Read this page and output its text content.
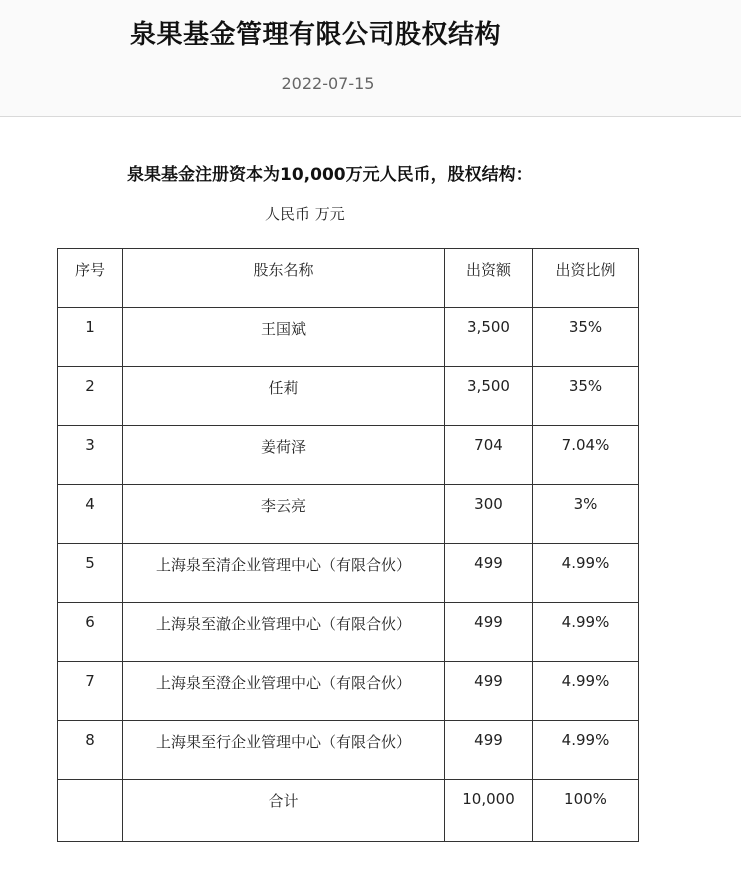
泉果基金管理有限公司股权结构
2022-07-15
泉果基金注册资本为10,000万元人民币，股权结构：
人民币 万元
序号	股东名称	出资额	出资比例
1	王国斌	3,500	35%
2	任莉	3,500	35%
3	姜荷泽	704	7.04%
4	李云亮	300	3%
5	上海泉至清企业管理中心（有限合伙）	499	4.99%
6	上海泉至澈企业管理中心（有限合伙）	499	4.99%
7	上海泉至澄企业管理中心（有限合伙）	499	4.99%
8	上海果至行企业管理中心（有限合伙）	499	4.99%
	合计	10,000	100%
